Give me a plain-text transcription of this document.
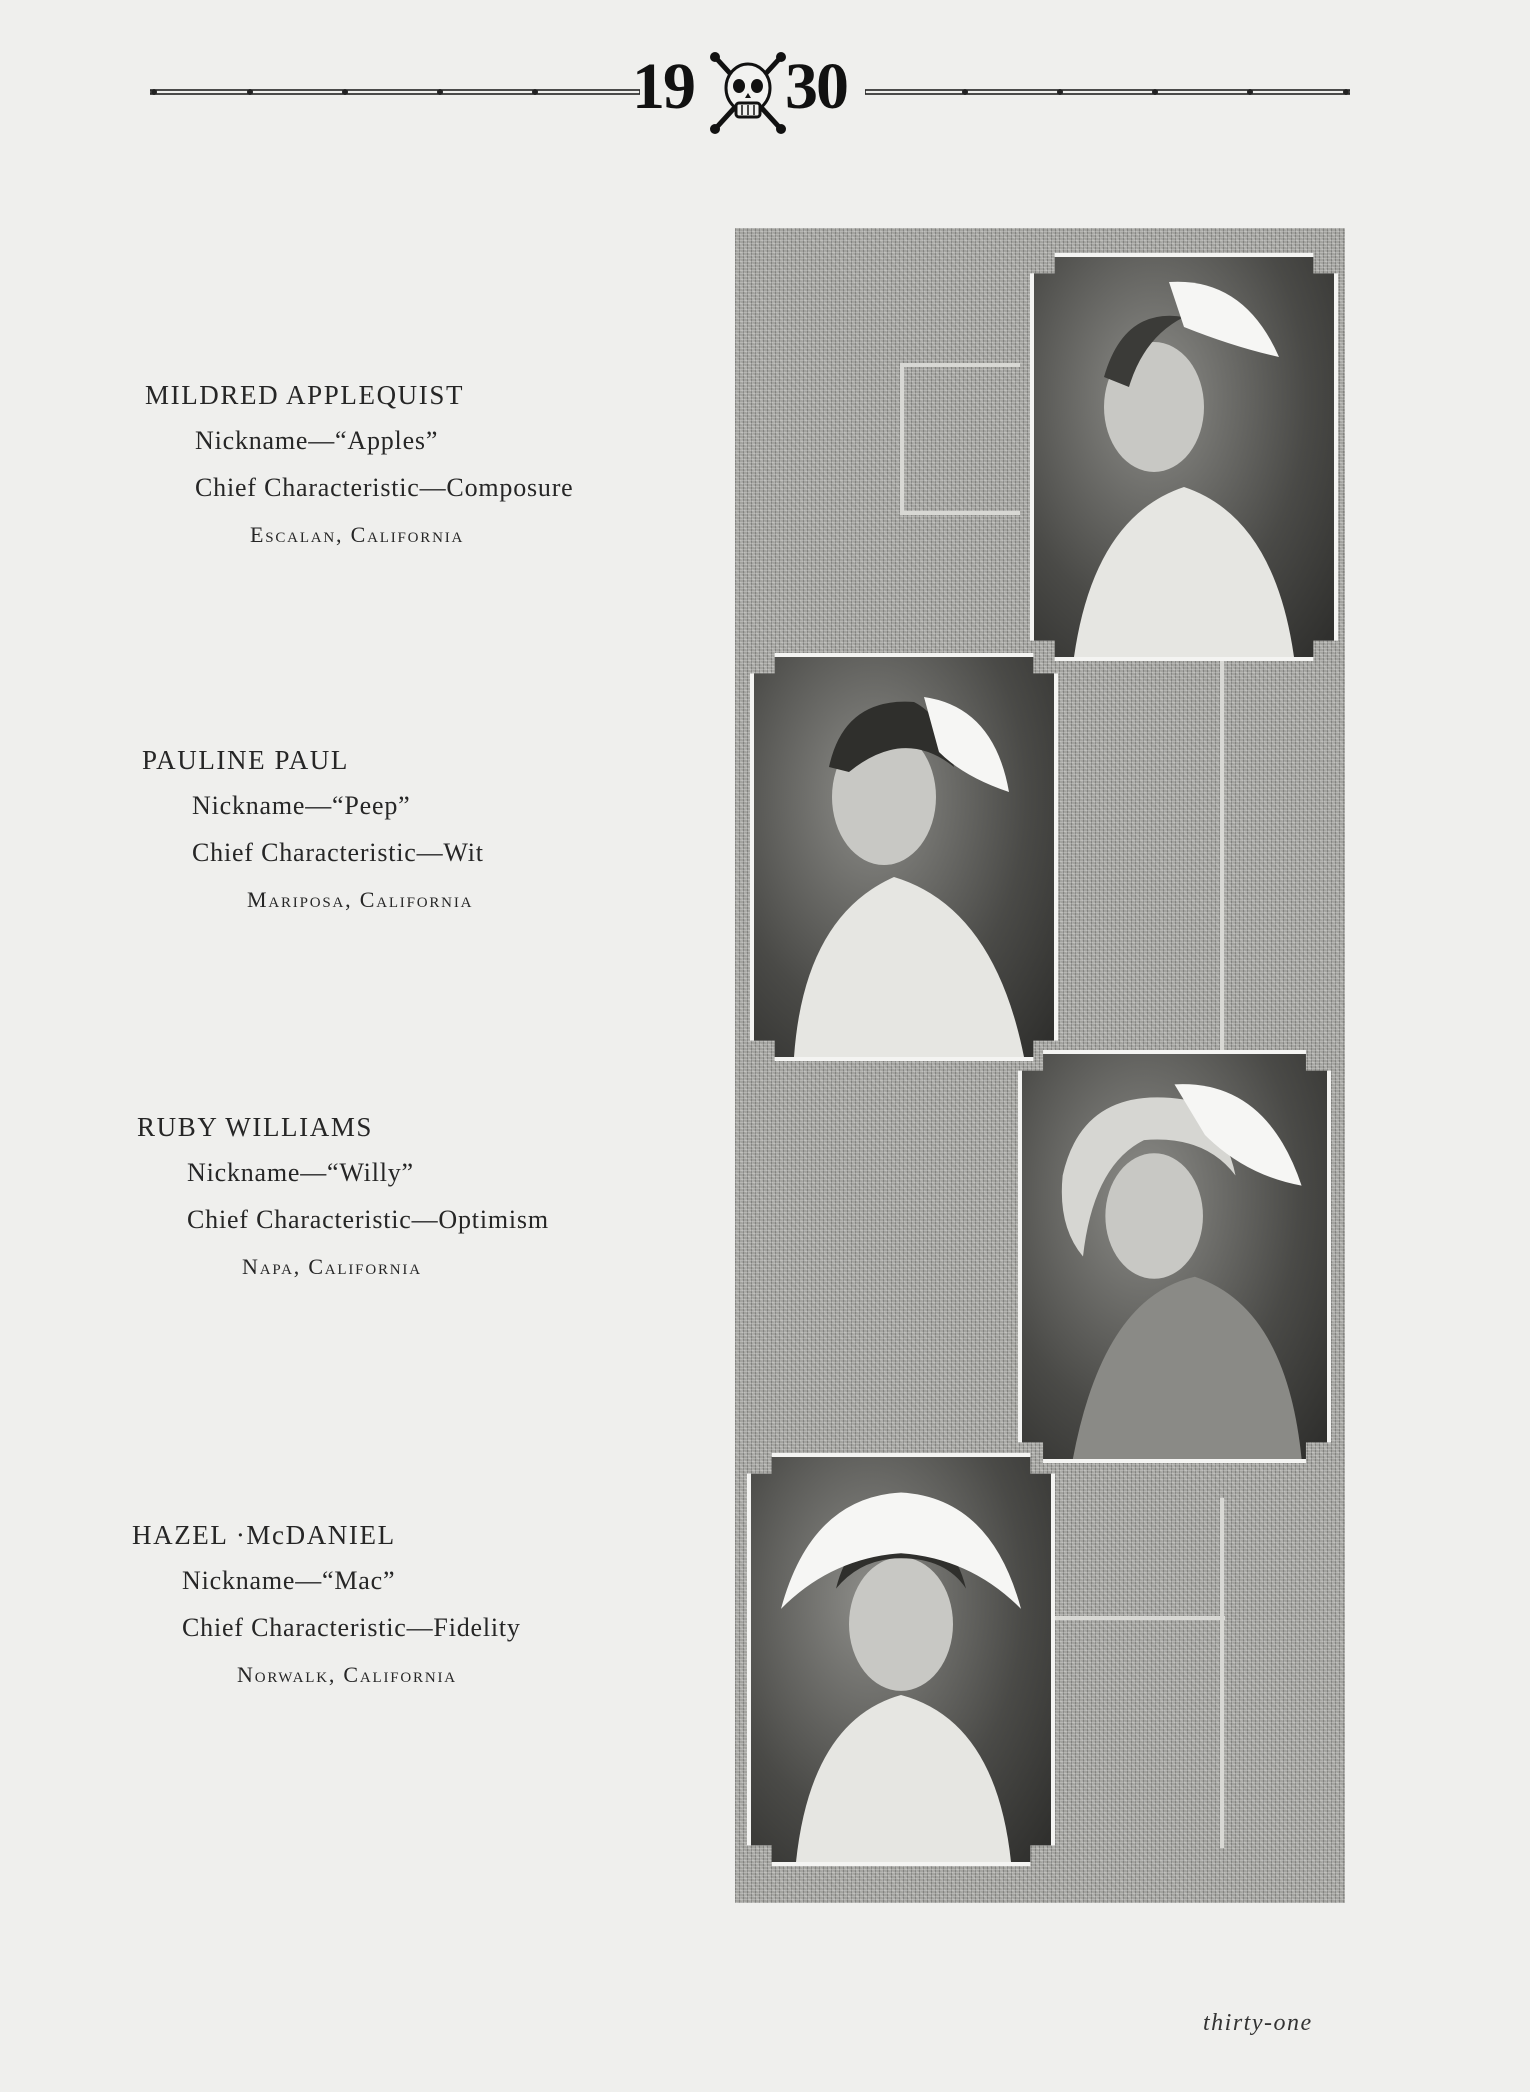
19 30
MILDRED APPLEQUIST
Nickname—“Apples”
Chief Characteristic—Composure
Escalan, California
PAULINE PAUL
Nickname—“Peep”
Chief Characteristic—Wit
Mariposa, California
RUBY WILLIAMS
Nickname—“Willy”
Chief Characteristic—Optimism
Napa, California
HAZEL ·McDANIEL
Nickname—“Mac”
Chief Characteristic—Fidelity
Norwalk, California
thirty-one
